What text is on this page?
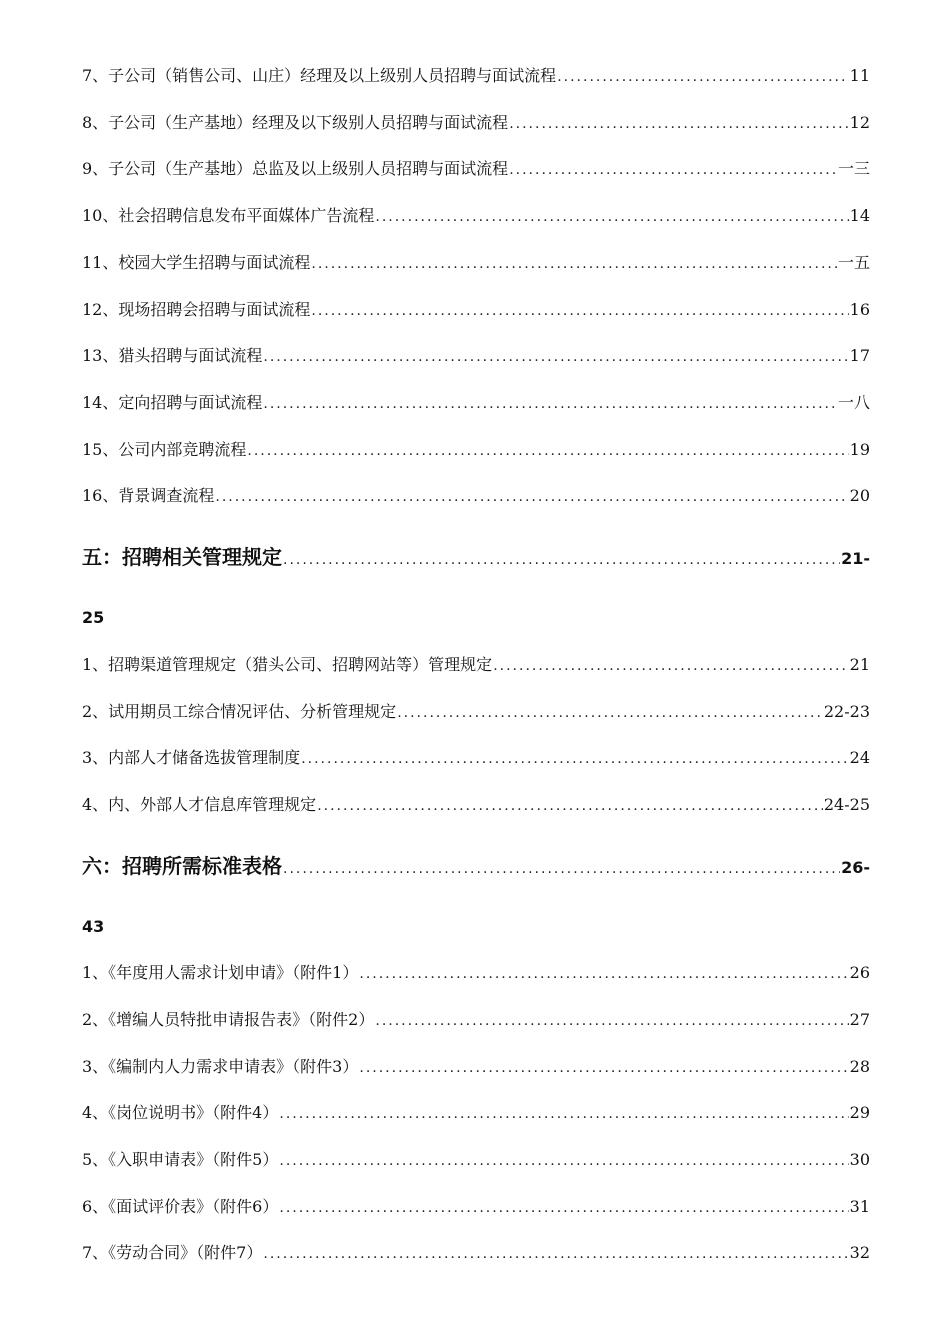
7、子公司（销售公司、山庄）经理及以上级别人员招聘与面试流程 .....	11
8、子公司（生产基地）经理及以下级别人员招聘与面试流程 .....	12
9、子公司（生产基地）总监及以上级别人员招聘与面试流程 .....	一三
10、社会招聘信息发布平面媒体广告流程 .....	14
11、校园大学生招聘与面试流程 .....	一五
12、现场招聘会招聘与面试流程 .....	16
13、猎头招聘与面试流程 .....	17
14、定向招聘与面试流程 .....	一八
15、公司内部竞聘流程 .....	19
16、背景调查流程 .....	20
五：招聘相关管理规定 .....	21-
25
1、招聘渠道管理规定（猎头公司、招聘网站等）管理规定 .....	21
2、试用期员工综合情况评估、分析管理规定 .....	22-23
3、内部人才储备选拔管理制度 .....	24
4、内、外部人才信息库管理规定 .....	24-25
六：招聘所需标准表格 .....	26-
43
1、《年度用人需求计划申请》（附件1） .....	26
2、《增编人员特批申请报告表》（附件2） .....	27
3、《编制内人力需求申请表》（附件3） .....	28
4、《岗位说明书》（附件4） .....	29
5、《入职申请表》（附件5） .....	30
6、《面试评价表》（附件6） .....	31
7、《劳动合同》（附件7） .....	32
